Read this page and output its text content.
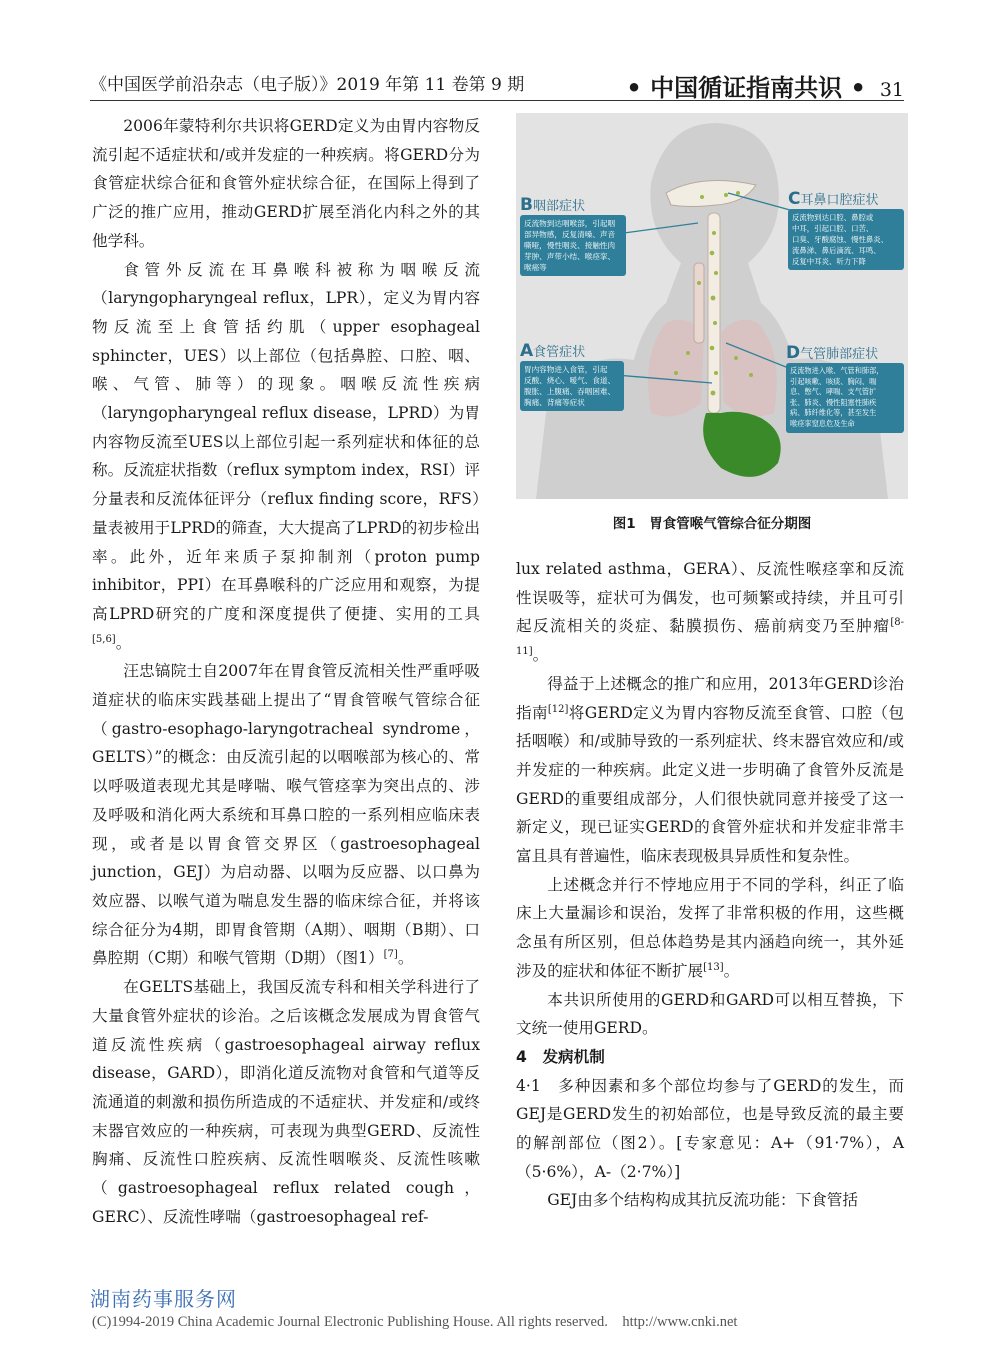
《中国医学前沿杂志（电子版）》2019 年第 11 卷第 9 期	• 中国循证指南共识 • 31

2006年蒙特利尔共识将GERD定义为由胃内容物反流引起不适症状和/或并发症的一种疾病。将GERD分为食管症状综合征和食管外症状综合征，在国际上得到了广泛的推广应用，推动GERD扩展至消化内科之外的其他学科。

食管外反流在耳鼻喉科被称为咽喉反流（laryngopharyngeal reflux，LPR），定义为胃内容物反流至上食管括约肌（upper esophageal sphincter，UES）以上部位（包括鼻腔、口腔、咽、喉、气管、肺等）的现象。咽喉反流性疾病（laryngopharyngeal reflux disease，LPRD）为胃内容物反流至UES以上部位引起一系列症状和体征的总称。反流症状指数（reflux symptom index，RSI）评分量表和反流体征评分（reflux finding score，RFS）量表被用于LPRD的筛查，大大提高了LPRD的初步检出率。此外，近年来质子泵抑制剂（proton pump inhibitor，PPI）在耳鼻喉科的广泛应用和观察，为提高LPRD研究的广度和深度提供了便捷、实用的工具[5,6]。

汪忠镐院士自2007年在胃食管反流相关性严重呼吸道症状的临床实践基础上提出了“胃食管喉气管综合征（gastro-esophago-laryngotracheal syndrome，GELTS）”的概念：由反流引起的以咽喉部为核心的、常以呼吸道表现尤其是哮喘、喉气管痉挛为突出点的、涉及呼吸和消化两大系统和耳鼻口腔的一系列相应临床表现，或者是以胃食管交界区（gastroesophageal junction，GEJ）为启动器、以咽为反应器、以口鼻为效应器、以喉气道为喘息发生器的临床综合征，并将该综合征分为4期，即胃食管期（A期）、咽期（B期）、口鼻腔期（C期）和喉气管期（D期）（图1）[7]。

在GELTS基础上，我国反流专科和相关学科进行了大量食管外症状的诊治。之后该概念发展成为胃食管气道反流性疾病（gastroesophageal airway reflux disease，GARD），即消化道反流物对食管和气道等反流通道的刺激和损伤所造成的不适症状、并发症和/或终末器官效应的一种疾病，可表现为典型GERD、反流性胸痛、反流性口腔疾病、反流性咽喉炎、反流性咳嗽（gastroesophageal reflux related cough，GERC）、反流性哮喘（gastroesophageal ref-

B咽部症状
反流物到达咽喉部，引起咽
部异物感，反复清嗓、声音
嘶哑，慢性咽炎、接触性肉
芽肿、声带小结、喉痉挛、
喉癌等
C耳鼻口腔症状
反流物到达口腔、鼻腔或
中耳，引起口腔、口苦、
口臭、牙酸腐蚀、慢性鼻炎、
流鼻涕、鼻后滴流、耳鸣、
反复中耳炎、听力下降
A食管症状
胃内容物进入食管，引起
反酸、烧心、嗳气、食道、
腹胀、上腹痛、吞咽困难、
胸痛、背痛等症状
D气管肺部症状
反流物进入喉、气管和肺部，
引起咳嗽、咳痰、胸闷、喘
息、憋气、哮喘、支气管扩
张、肺炎、慢性阻塞性肺疾
病、肺纤维化等，甚至发生
喉痉挛窒息危及生命
图1　胃食管喉气管综合征分期图

lux related asthma，GERA）、反流性喉痉挛和反流性误吸等，症状可为偶发，也可频繁或持续，并且可引起反流相关的炎症、黏膜损伤、癌前病变乃至肿瘤[8-11]。

得益于上述概念的推广和应用，2013年GERD诊治指南[12]将GERD定义为胃内容物反流至食管、口腔（包括咽喉）和/或肺导致的一系列症状、终末器官效应和/或并发症的一种疾病。此定义进一步明确了食管外反流是GERD的重要组成部分，人们很快就同意并接受了这一新定义，现已证实GERD的食管外症状和并发症非常丰富且具有普遍性，临床表现极具异质性和复杂性。

上述概念并行不悖地应用于不同的学科，纠正了临床上大量漏诊和误治，发挥了非常积极的作用，这些概念虽有所区别，但总体趋势是其内涵趋向统一，其外延涉及的症状和体征不断扩展[13]。

本共识所使用的GERD和GARD可以相互替换，下文统一使用GERD。

4　发病机制

4·1　多种因素和多个部位均参与了GERD的发生，而GEJ是GERD发生的初始部位，也是导致反流的最主要的解剖部位（图2）。[专家意见：A+（91·7%），A（5·6%），A-（2·7%）]

GEJ由多个结构构成其抗反流功能：下食管括

湖南药事服务网
(C)1994-2019 China Academic Journal Electronic Publishing House. All rights reserved.　http://www.cnki.net
